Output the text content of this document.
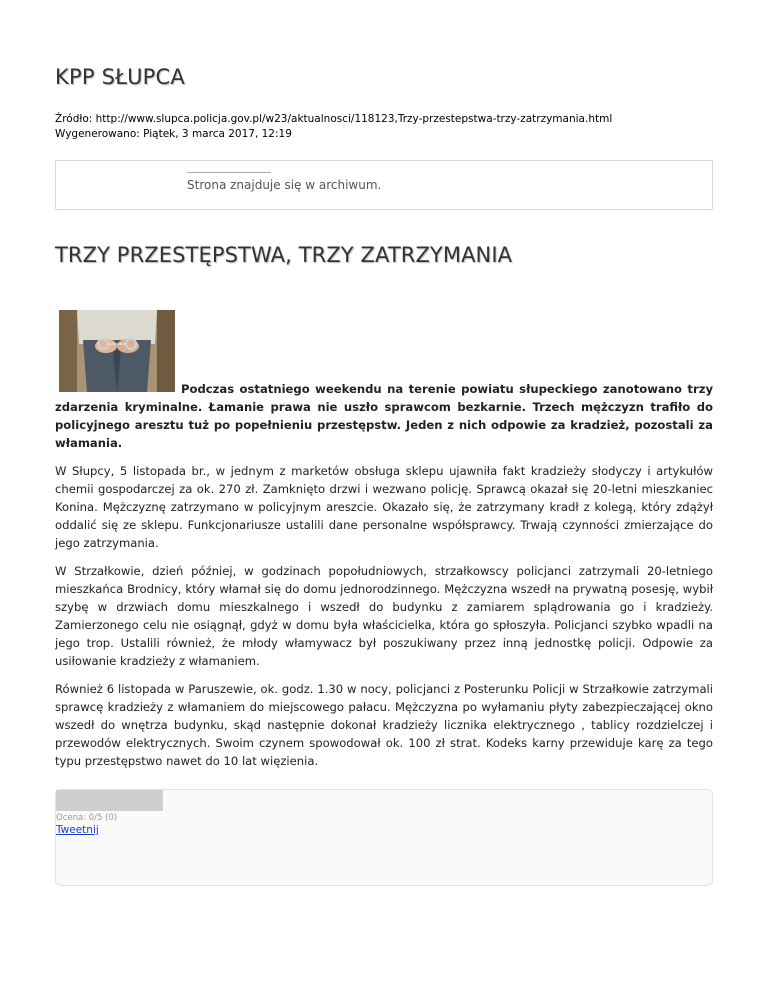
KPP SŁUPCA
Źródło: http://www.slupca.policja.gov.pl/w23/aktualnosci/118123,Trzy-przestepstwa-trzy-zatrzymania.html
Wygenerowano: Piątek, 3 marca 2017, 12:19
Strona znajduje się w archiwum.
TRZY PRZESTĘPSTWA, TRZY ZATRZYMANIA

Podczas ostatniego weekendu na terenie powiatu słupeckiego zanotowano trzy zdarzenia kryminalne. Łamanie prawa nie uszło sprawcom bezkarnie. Trzech mężczyzn trafiło do policyjnego aresztu tuż po popełnieniu przestępstw. Jeden z nich odpowie za kradzież, pozostali za włamania.

W Słupcy, 5 listopada br., w jednym z marketów obsługa sklepu ujawniła fakt kradzieży słodyczy i artykułów chemii gospodarczej za ok. 270 zł. Zamknięto drzwi i wezwano policję. Sprawcą okazał się 20-letni mieszkaniec Konina. Mężczyznę zatrzymano w policyjnym areszcie. Okazało się, że zatrzymany kradł z kolegą, który zdążył oddalić się ze sklepu. Funkcjonariusze ustalili dane personalne współsprawcy. Trwają czynności zmierzające do jego zatrzymania.

W Strzałkowie, dzień później, w godzinach popołudniowych, strzałkowscy policjanci zatrzymali 20-letniego mieszkańca Brodnicy, który włamał się do domu jednorodzinnego. Mężczyzna wszedł na prywatną posesję, wybił szybę w drzwiach domu mieszkalnego i wszedł do budynku z zamiarem splądrowania go i kradzieży. Zamierzonego celu nie osiągnął, gdyż w domu była właścicielka, która go spłoszyła. Policjanci szybko wpadli na jego trop. Ustalili również, że młody włamywacz był poszukiwany przez inną jednostkę policji. Odpowie za usiłowanie kradzieży z włamaniem.

Również 6 listopada w Paruszewie, ok. godz. 1.30 w nocy, policjanci z Posterunku Policji w Strzałkowie zatrzymali sprawcę kradzieży z włamaniem do miejscowego pałacu. Mężczyzna po wyłamaniu płyty zabezpieczającej okno wszedł do wnętrza budynku, skąd następnie dokonał kradzieży licznika elektrycznego , tablicy rozdzielczej i przewodów elektrycznych. Swoim czynem spowodował ok. 100 zł strat. Kodeks karny przewiduje karę za tego typu przestępstwo nawet do 10 lat więzienia.

Ocena: 0/5 (0)
Tweetnij
